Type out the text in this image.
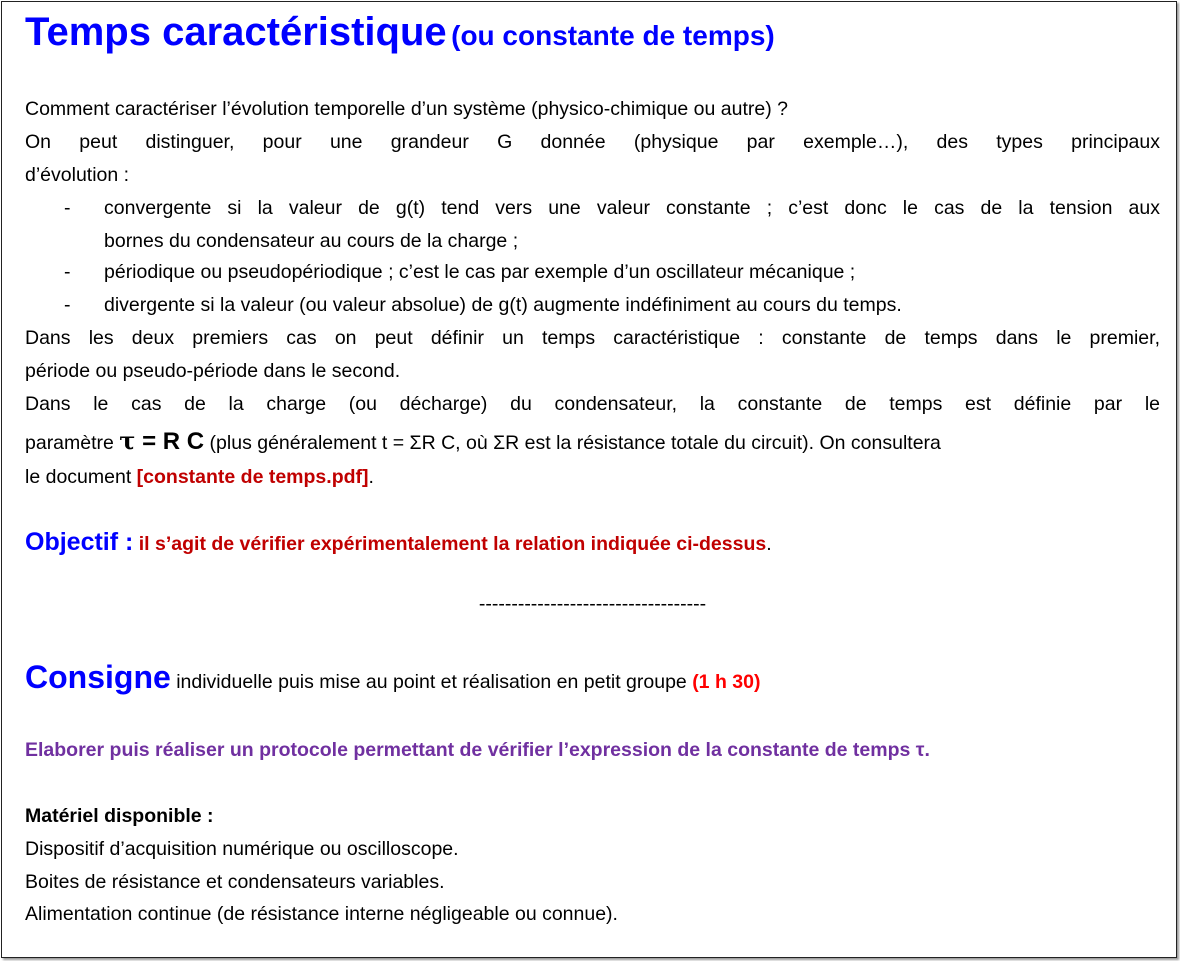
Temps caractéristique (ou constante de temps)
Comment caractériser l’évolution temporelle d’un système (physico-chimique ou autre) ?
On peut distinguer, pour une grandeur G donnée (physique par exemple…), des types principaux
d’évolution :
- convergente si la valeur de g(t) tend vers une valeur constante ; c’est donc le cas de la tension aux
bornes du condensateur au cours de la charge ;
- périodique ou pseudopériodique ; c’est le cas par exemple d’un oscillateur mécanique ;
- divergente si la valeur (ou valeur absolue) de g(t) augmente indéfiniment au cours du temps.
Dans les deux premiers cas on peut définir un temps caractéristique : constante de temps dans le premier,
période ou pseudo-période dans le second.
Dans le cas de la charge (ou décharge) du condensateur, la constante de temps est définie par le
paramètre τ = R C (plus généralement t = ΣR C, où ΣR est la résistance totale du circuit). On consultera
le document [constante de temps.pdf].
Objectif : il s’agit de vérifier expérimentalement la relation indiquée ci-dessus.
-----------------------------------
Consigne individuelle puis mise au point et réalisation en petit groupe (1 h 30)
Elaborer puis réaliser un protocole permettant de vérifier l’expression de la constante de temps τ.
Matériel disponible :
Dispositif d’acquisition numérique ou oscilloscope.
Boites de résistance et condensateurs variables.
Alimentation continue (de résistance interne négligeable ou connue).
